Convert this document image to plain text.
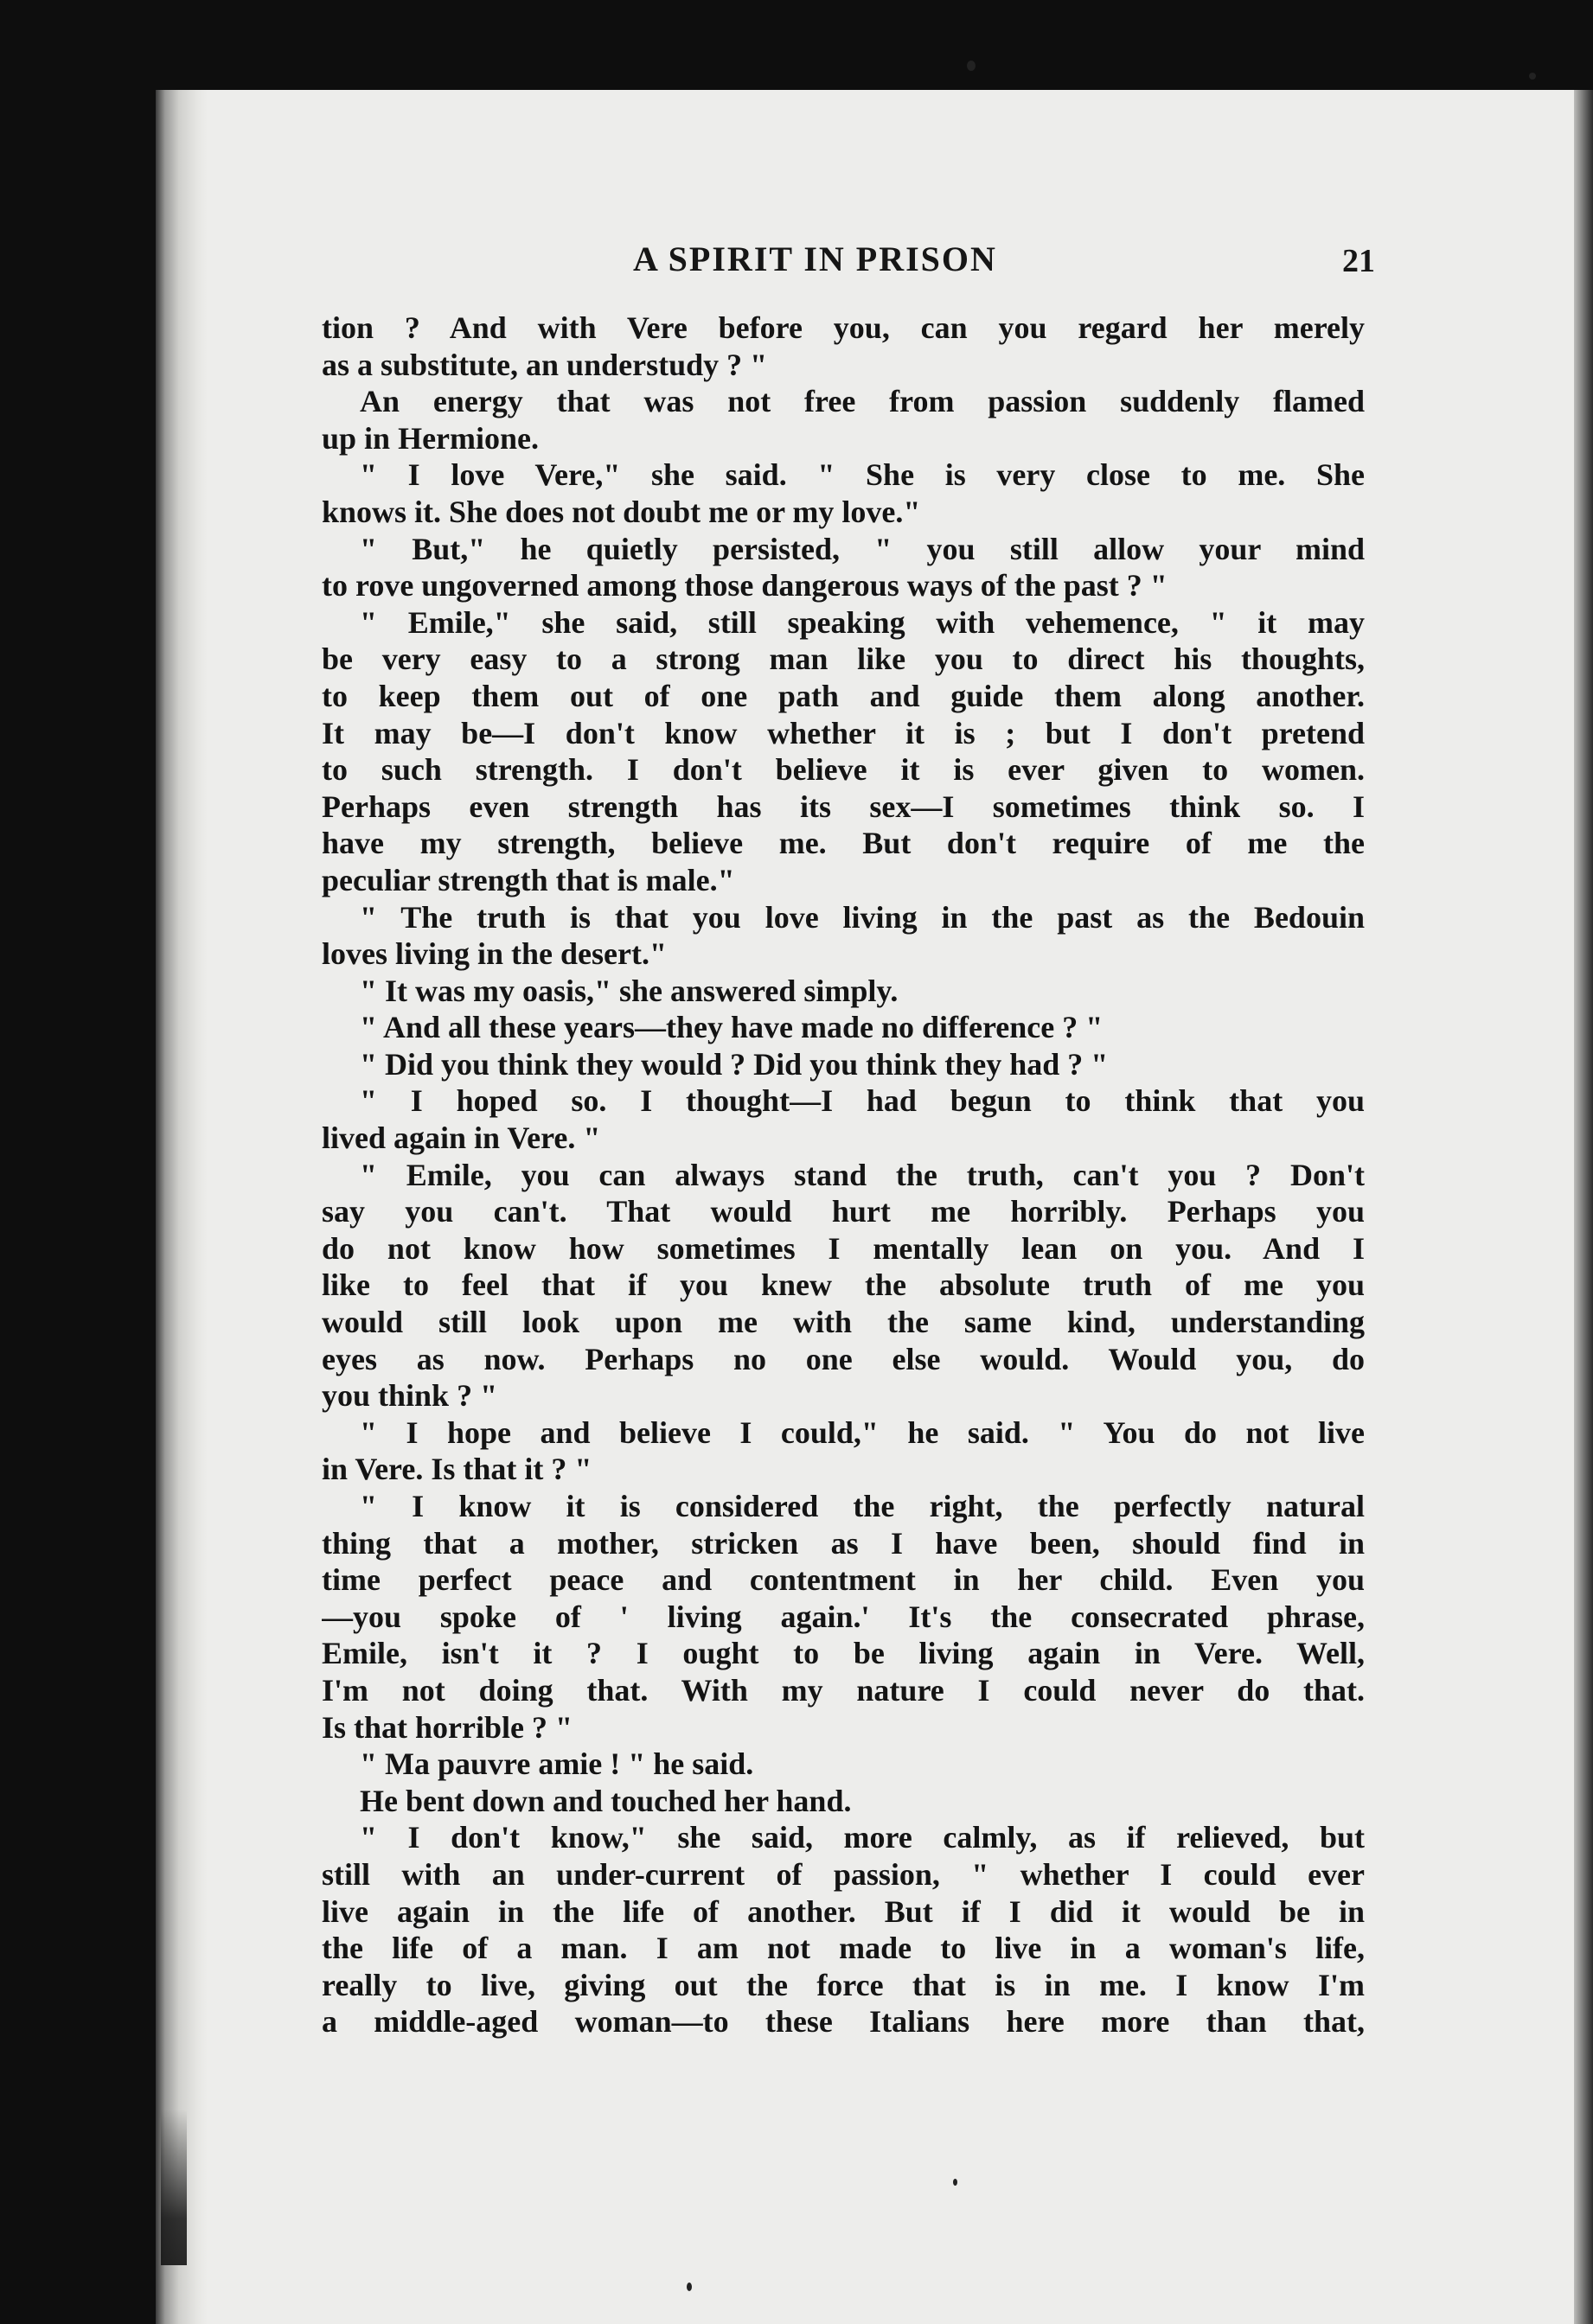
A SPIRIT IN PRISON	21
tion ? And with Vere before you, can you regard her merely
as a substitute, an understudy ? "
An energy that was not free from passion suddenly flamed
up in Hermione.
" I love Vere," she said. " She is very close to me. She
knows it. She does not doubt me or my love."
" But," he quietly persisted, " you still allow your mind
to rove ungoverned among those dangerous ways of the past ? "
" Emile," she said, still speaking with vehemence, " it may
be very easy to a strong man like you to direct his thoughts,
to keep them out of one path and guide them along another.
It may be—I don't know whether it is ; but I don't pretend
to such strength. I don't believe it is ever given to women.
Perhaps even strength has its sex—I sometimes think so. I
have my strength, believe me. But don't require of me the
peculiar strength that is male."
" The truth is that you love living in the past as the Bedouin
loves living in the desert."
" It was my oasis," she answered simply.
" And all these years—they have made no difference ? "
" Did you think they would ? Did you think they had ? "
" I hoped so. I thought—I had begun to think that you
lived again in Vere. "
" Emile, you can always stand the truth, can't you ? Don't
say you can't. That would hurt me horribly. Perhaps you
do not know how sometimes I mentally lean on you. And I
like to feel that if you knew the absolute truth of me you
would still look upon me with the same kind, understanding
eyes as now. Perhaps no one else would. Would you, do
you think ? "
" I hope and believe I could," he said. " You do not live
in Vere. Is that it ? "
" I know it is considered the right, the perfectly natural
thing that a mother, stricken as I have been, should find in
time perfect peace and contentment in her child. Even you
—you spoke of ' living again.' It's the consecrated phrase,
Emile, isn't it ? I ought to be living again in Vere. Well,
I'm not doing that. With my nature I could never do that.
Is that horrible ? "
" Ma pauvre amie ! " he said.
He bent down and touched her hand.
" I don't know," she said, more calmly, as if relieved, but
still with an under-current of passion, " whether I could ever
live again in the life of another. But if I did it would be in
the life of a man. I am not made to live in a woman's life,
really to live, giving out the force that is in me. I know I'm
a middle-aged woman—to these Italians here more than that,
